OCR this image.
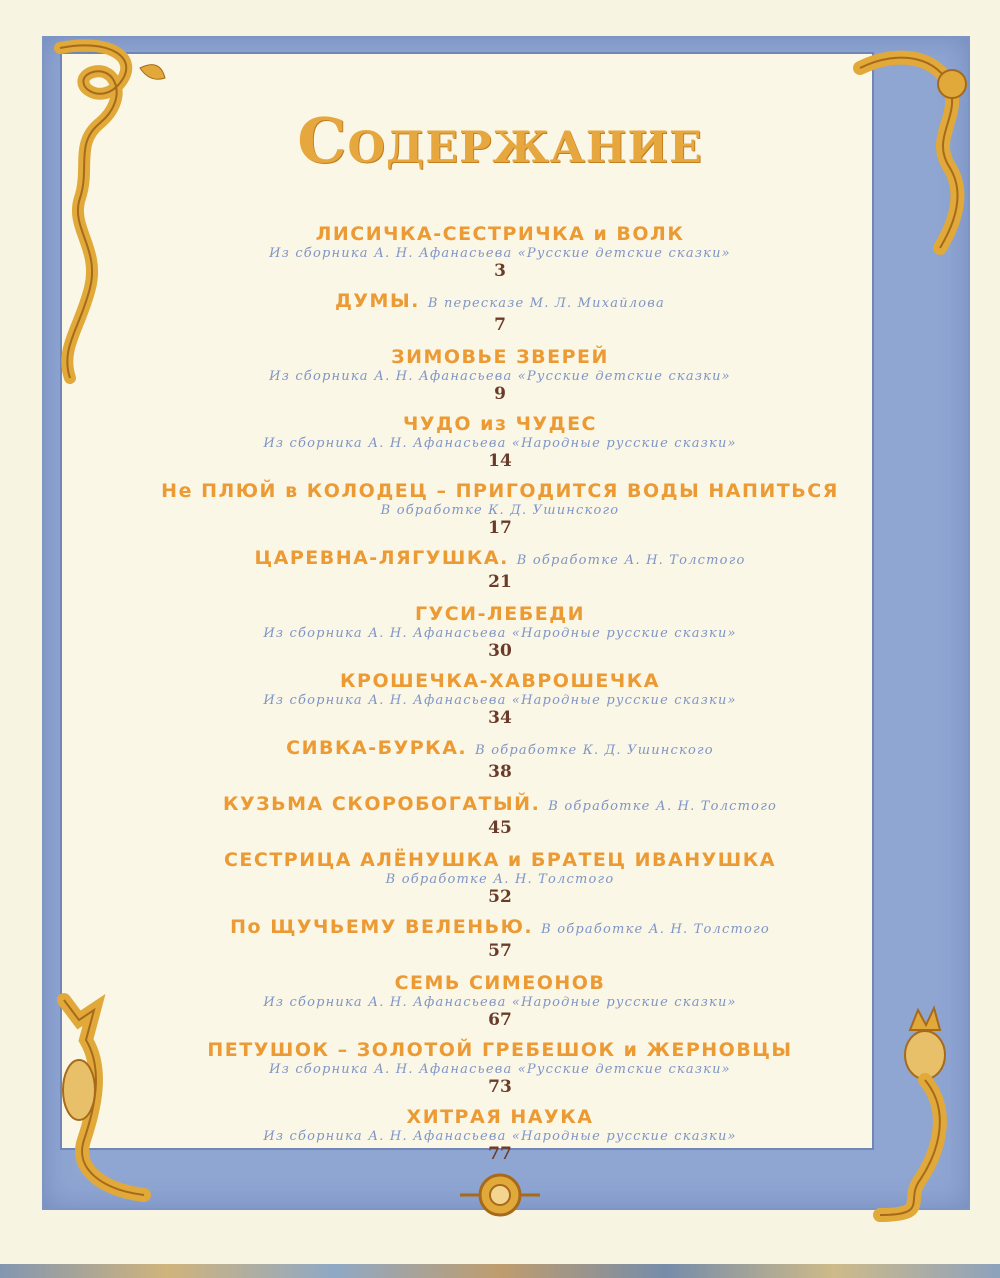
Содержание
ЛИСИЧКА-СЕСТРИЧКА и ВОЛК
Из сборника А. Н. Афанасьева «Русские детские сказки»
3
ДУМЫ. В пересказе М. Л. Михайлова
7
ЗИМОВЬЕ ЗВЕРЕЙ
Из сборника А. Н. Афанасьева «Русские детские сказки»
9
ЧУДО из ЧУДЕС
Из сборника А. Н. Афанасьева «Народные русские сказки»
14
Не ПЛЮЙ в КОЛОДЕЦ – ПРИГОДИТСЯ ВОДЫ НАПИТЬСЯ
В обработке К. Д. Ушинского
17
ЦАРЕВНА-ЛЯГУШКА. В обработке А. Н. Толстого
21
ГУСИ-ЛЕБЕДИ
Из сборника А. Н. Афанасьева «Народные русские сказки»
30
КРОШЕЧКА-ХАВРОШЕЧКА
Из сборника А. Н. Афанасьева «Народные русские сказки»
34
СИВКА-БУРКА. В обработке К. Д. Ушинского
38
КУЗЬМА СКОРОБОГАТЫЙ. В обработке А. Н. Толстого
45
СЕСТРИЦА АЛЁНУШКА и БРАТЕЦ ИВАНУШКА
В обработке А. Н. Толстого
52
По ЩУЧЬЕМУ ВЕЛЕНЬЮ. В обработке А. Н. Толстого
57
СЕМЬ СИМЕОНОВ
Из сборника А. Н. Афанасьева «Народные русские сказки»
67
ПЕТУШОК – ЗОЛОТОЙ ГРЕБЕШОК и ЖЕРНОВЦЫ
Из сборника А. Н. Афанасьева «Русские детские сказки»
73
ХИТРАЯ НАУКА
Из сборника А. Н. Афанасьева «Народные русские сказки»
77
